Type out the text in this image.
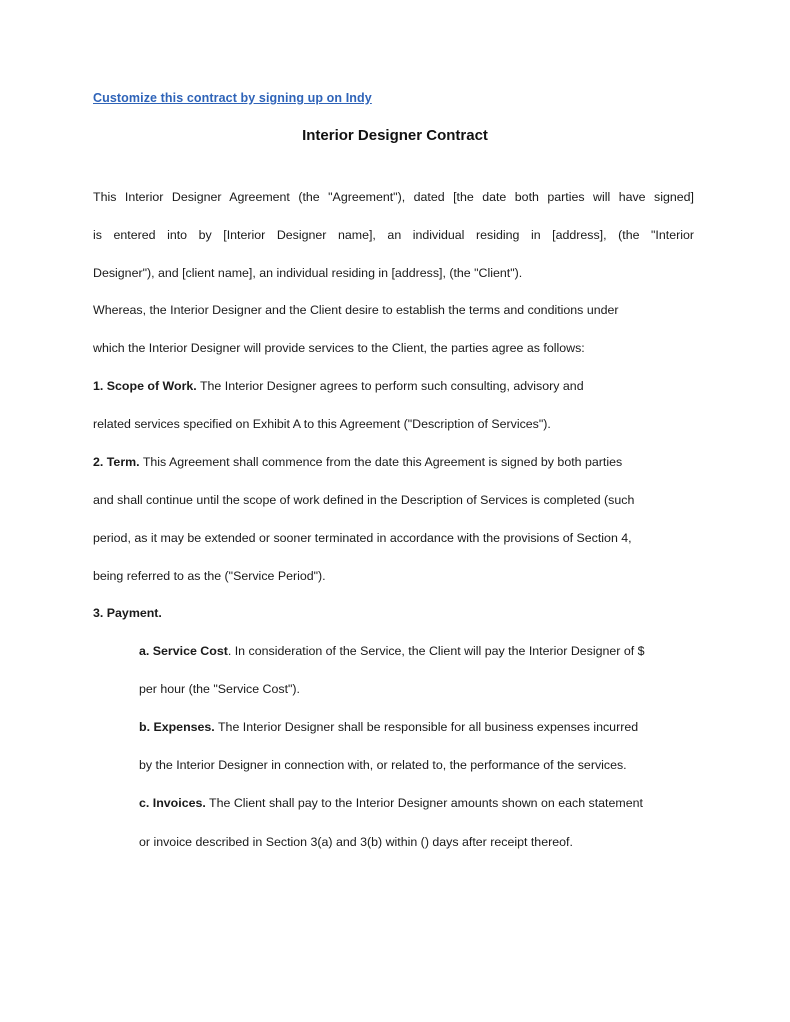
Customize this contract by signing up on Indy
Interior Designer Contract
This Interior Designer Agreement (the "Agreement"), dated [the date both parties will have signed]
is entered into by [Interior Designer name], an individual residing in [address], (the "Interior
Designer"), and [client name], an individual residing in [address], (the "Client").
Whereas, the Interior Designer and the Client desire to establish the terms and conditions under
which the Interior Designer will provide services to the Client, the parties agree as follows:
1. Scope of Work. The Interior Designer agrees to perform such consulting, advisory and
related services specified on Exhibit A to this Agreement ("Description of Services").
2. Term. This Agreement shall commence from the date this Agreement is signed by both parties
and shall continue until the scope of work defined in the Description of Services is completed (such
period, as it may be extended or sooner terminated in accordance with the provisions of Section 4,
being referred to as the ("Service Period").
3. Payment.
a. Service Cost. In consideration of the Service, the Client will pay the Interior Designer of $
per hour (the "Service Cost").
b. Expenses. The Interior Designer shall be responsible for all business expenses incurred
by the Interior Designer in connection with, or related to, the performance of the services.
c. Invoices. The Client shall pay to the Interior Designer amounts shown on each statement
or invoice described in Section 3(a) and 3(b) within () days after receipt thereof.
